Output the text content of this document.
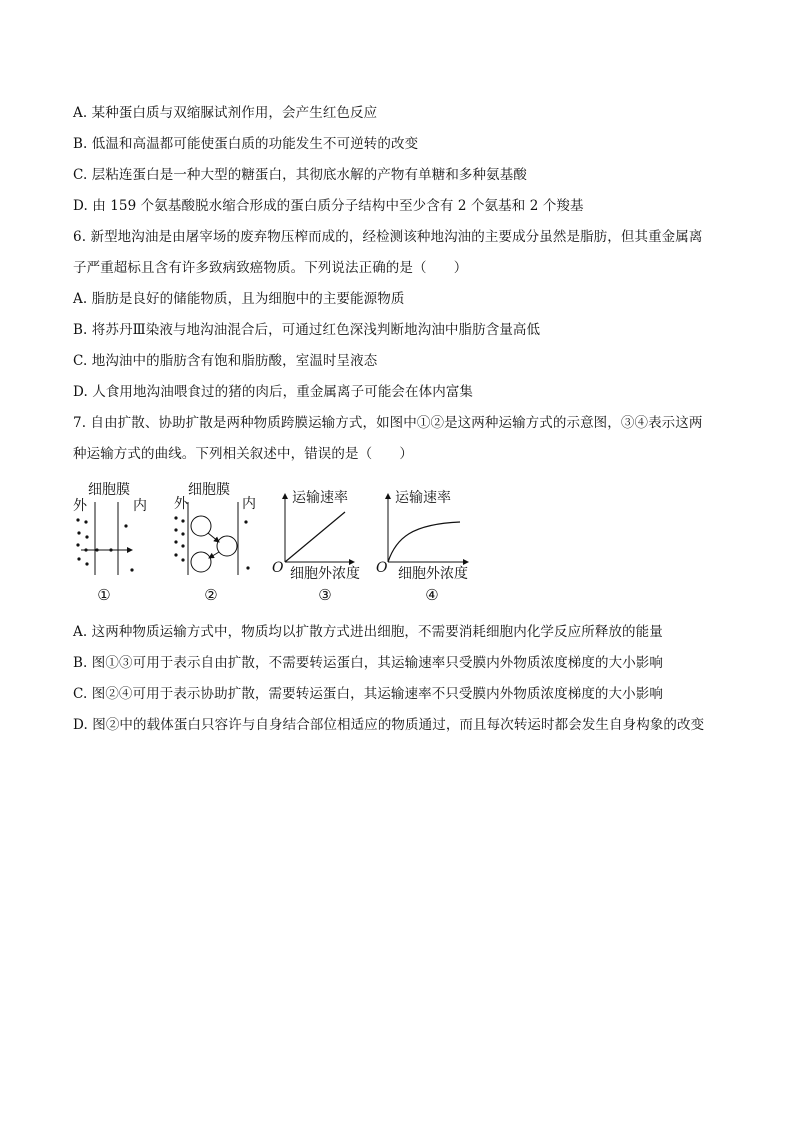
A. 某种蛋白质与双缩脲试剂作用，会产生红色反应
B. 低温和高温都可能使蛋白质的功能发生不可逆转的改变
C. 层粘连蛋白是一种大型的糖蛋白，其彻底水解的产物有单糖和多种氨基酸
D. 由 159 个氨基酸脱水缩合形成的蛋白质分子结构中至少含有 2 个氨基和 2 个羧基
6. 新型地沟油是由屠宰场的废弃物压榨而成的，经检测该种地沟油的主要成分虽然是脂肪，但其重金属离
子严重超标且含有许多致病致癌物质。下列说法正确的是（　　）
A. 脂肪是良好的储能物质，且为细胞中的主要能源物质
B. 将苏丹Ⅲ染液与地沟油混合后，可通过红色深浅判断地沟油中脂肪含量高低
C. 地沟油中的脂肪含有饱和脂肪酸，室温时呈液态
D. 人食用地沟油喂食过的猪的肉后，重金属离子可能会在体内富集
7. 自由扩散、协助扩散是两种物质跨膜运输方式，如图中①②是这两种运输方式的示意图，③④表示这两
种运输方式的曲线。下列相关叙述中，错误的是（　　）
细胞膜
外	内
①
细胞膜
外	内
②
运输速率
O 细胞外浓度
③
运输速率
O 细胞外浓度
④
A. 这两种物质运输方式中，物质均以扩散方式进出细胞，不需要消耗细胞内化学反应所释放的能量
B. 图①③可用于表示自由扩散，不需要转运蛋白，其运输速率只受膜内外物质浓度梯度的大小影响
C. 图②④可用于表示协助扩散，需要转运蛋白，其运输速率不只受膜内外物质浓度梯度的大小影响
D. 图②中的载体蛋白只容许与自身结合部位相适应的物质通过，而且每次转运时都会发生自身构象的改变
